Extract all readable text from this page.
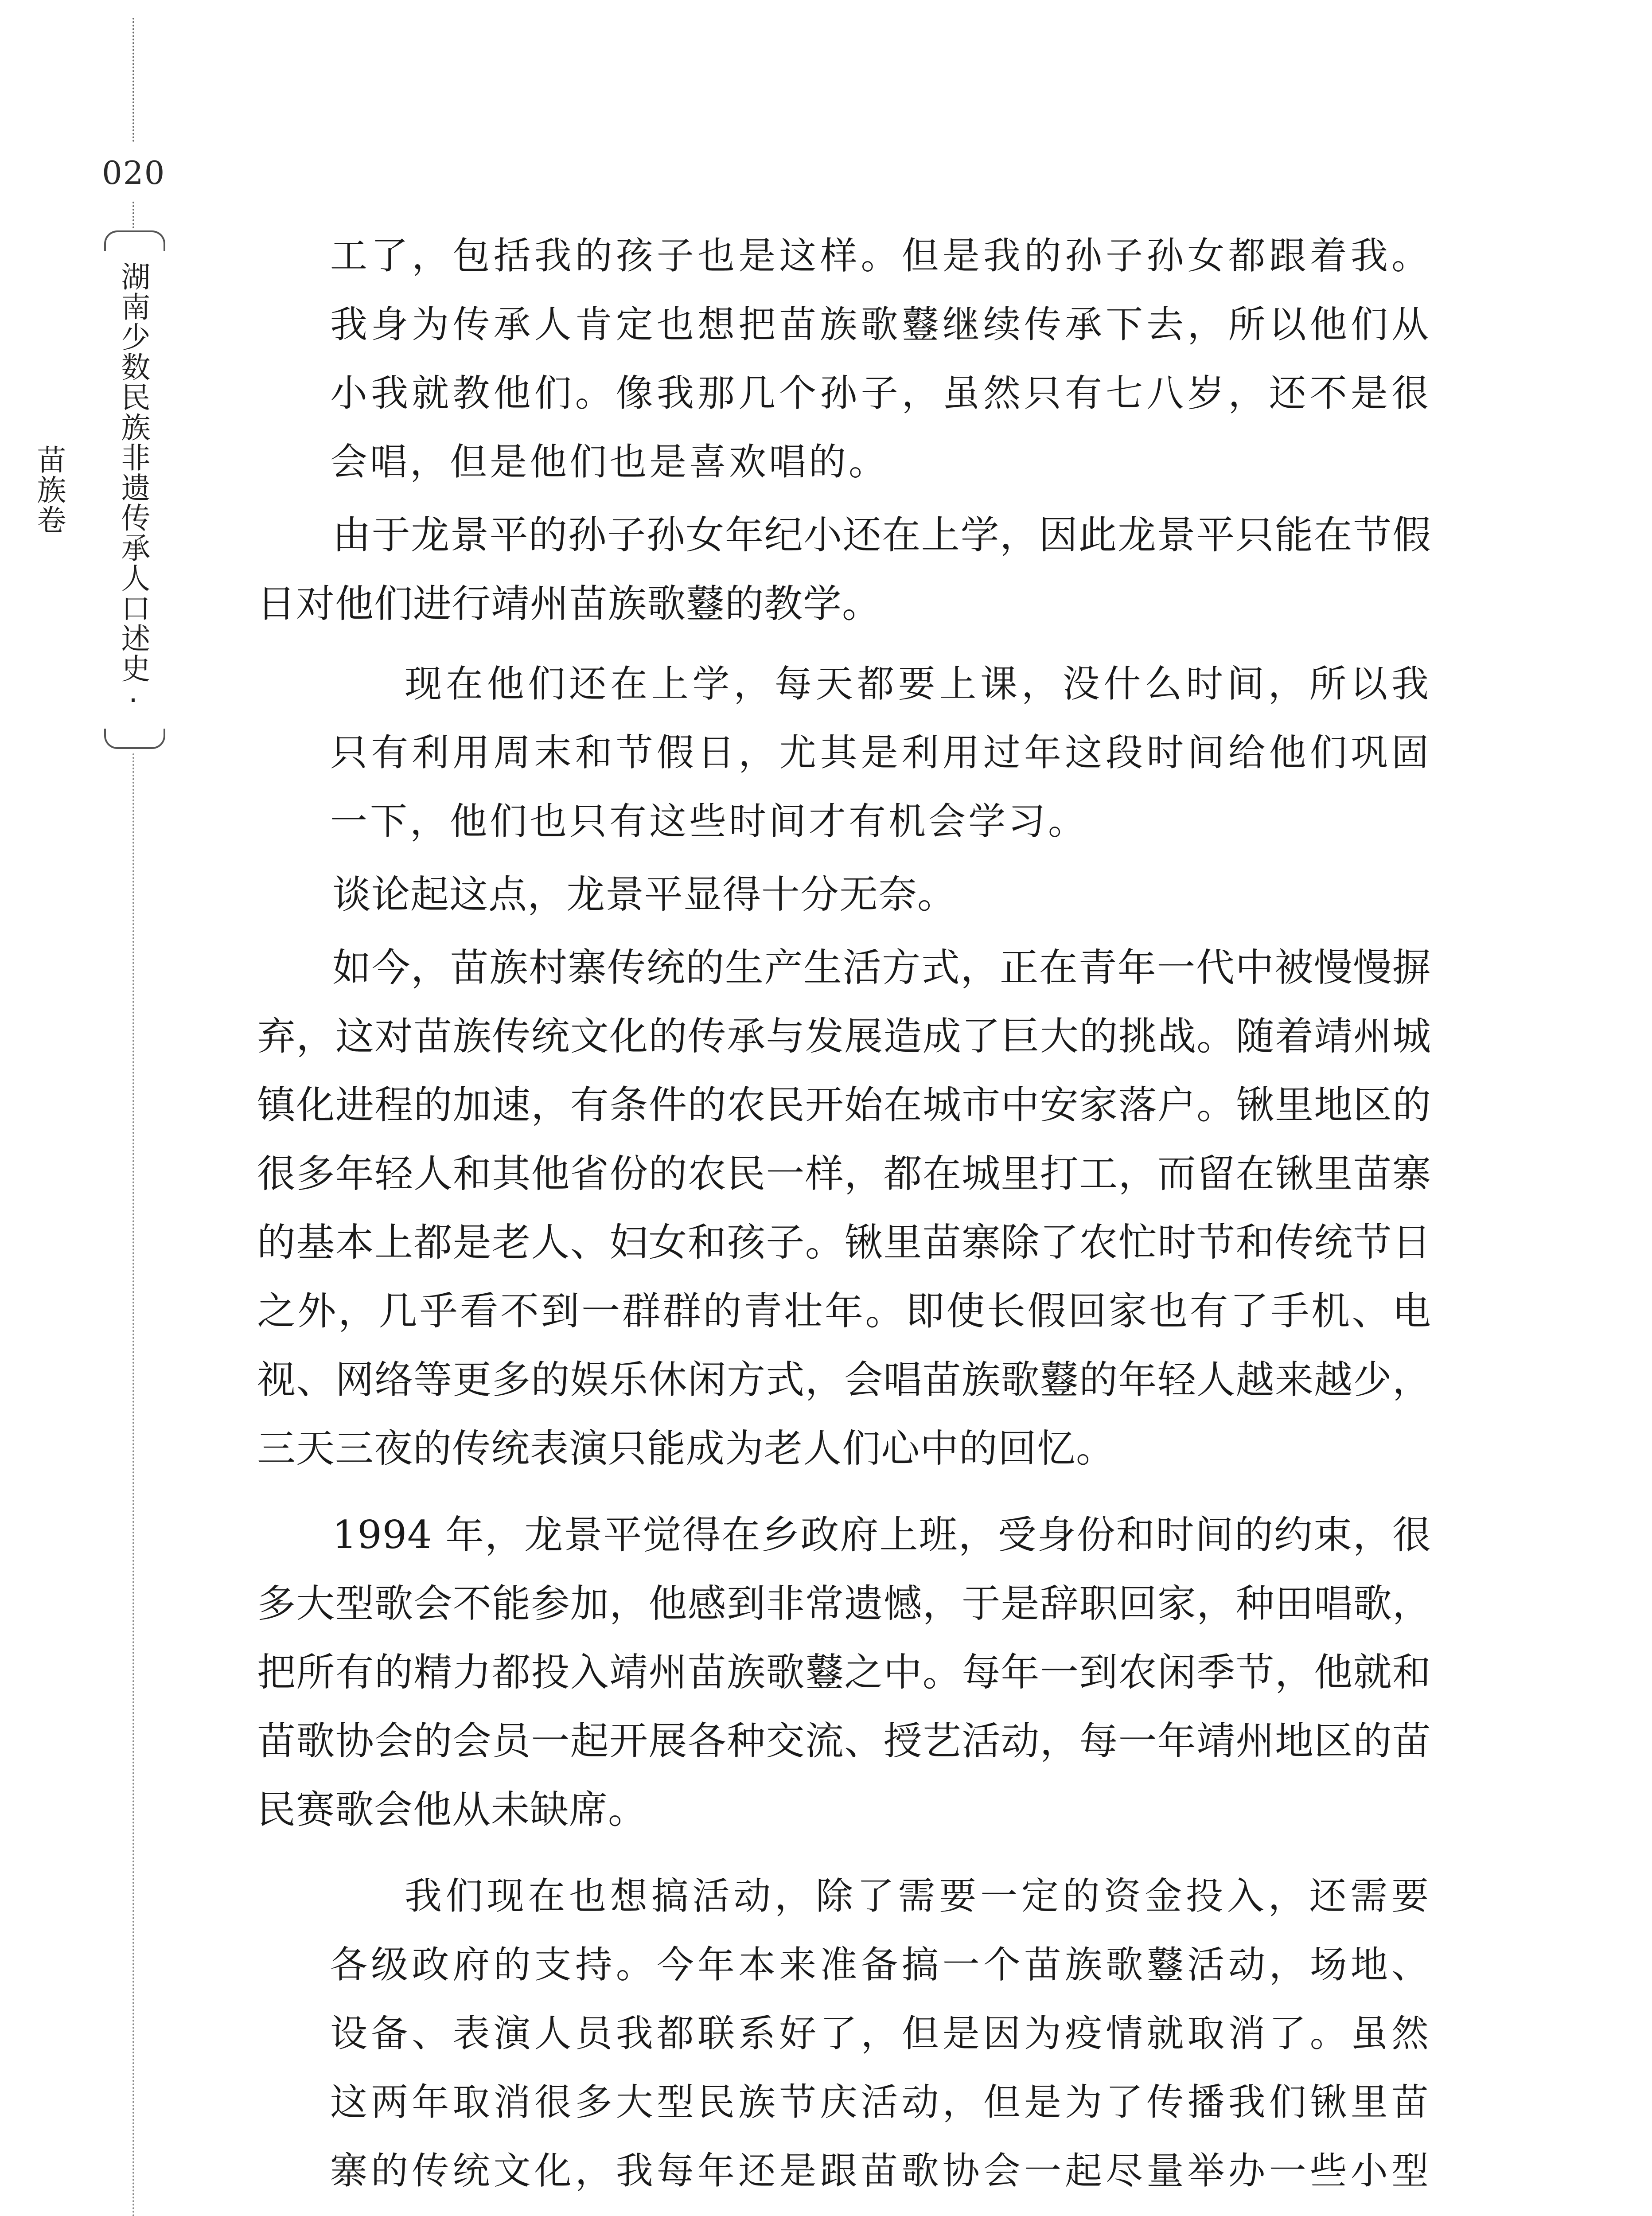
020
湖南少数民族非遗传承人口述史·苗族卷

工了，包括我的孩子也是这样。但是我的孙子孙女都跟着我。我身为传承人肯定也想把苗族歌鼟继续传承下去，所以他们从小我就教他们。像我那几个孙子，虽然只有七八岁，还不是很会唱，但是他们也是喜欢唱的。

由于龙景平的孙子孙女年纪小还在上学，因此龙景平只能在节假日对他们进行靖州苗族歌鼟的教学。

现在他们还在上学，每天都要上课，没什么时间，所以我只有利用周末和节假日，尤其是利用过年这段时间给他们巩固一下，他们也只有这些时间才有机会学习。

谈论起这点，龙景平显得十分无奈。

如今，苗族村寨传统的生产生活方式，正在青年一代中被慢慢摒弃，这对苗族传统文化的传承与发展造成了巨大的挑战。随着靖州城镇化进程的加速，有条件的农民开始在城市中安家落户。锹里地区的很多年轻人和其他省份的农民一样，都在城里打工，而留在锹里苗寨的基本上都是老人、妇女和孩子。锹里苗寨除了农忙时节和传统节日之外，几乎看不到一群群的青壮年。即使长假回家也有了手机、电视、网络等更多的娱乐休闲方式，会唱苗族歌鼟的年轻人越来越少，三天三夜的传统表演只能成为老人们心中的回忆。

1994 年，龙景平觉得在乡政府上班，受身份和时间的约束，很多大型歌会不能参加，他感到非常遗憾，于是辞职回家，种田唱歌，把所有的精力都投入靖州苗族歌鼟之中。每年一到农闲季节，他就和苗歌协会的会员一起开展各种交流、授艺活动，每一年靖州地区的苗民赛歌会他从未缺席。

我们现在也想搞活动，除了需要一定的资金投入，还需要各级政府的支持。今年本来准备搞一个苗族歌鼟活动，场地、设备、表演人员我都联系好了，但是因为疫情就取消了。虽然这两年取消很多大型民族节庆活动，但是为了传播我们锹里苗寨的传统文化，我每年还是跟苗歌协会一起尽量举办一些小型
